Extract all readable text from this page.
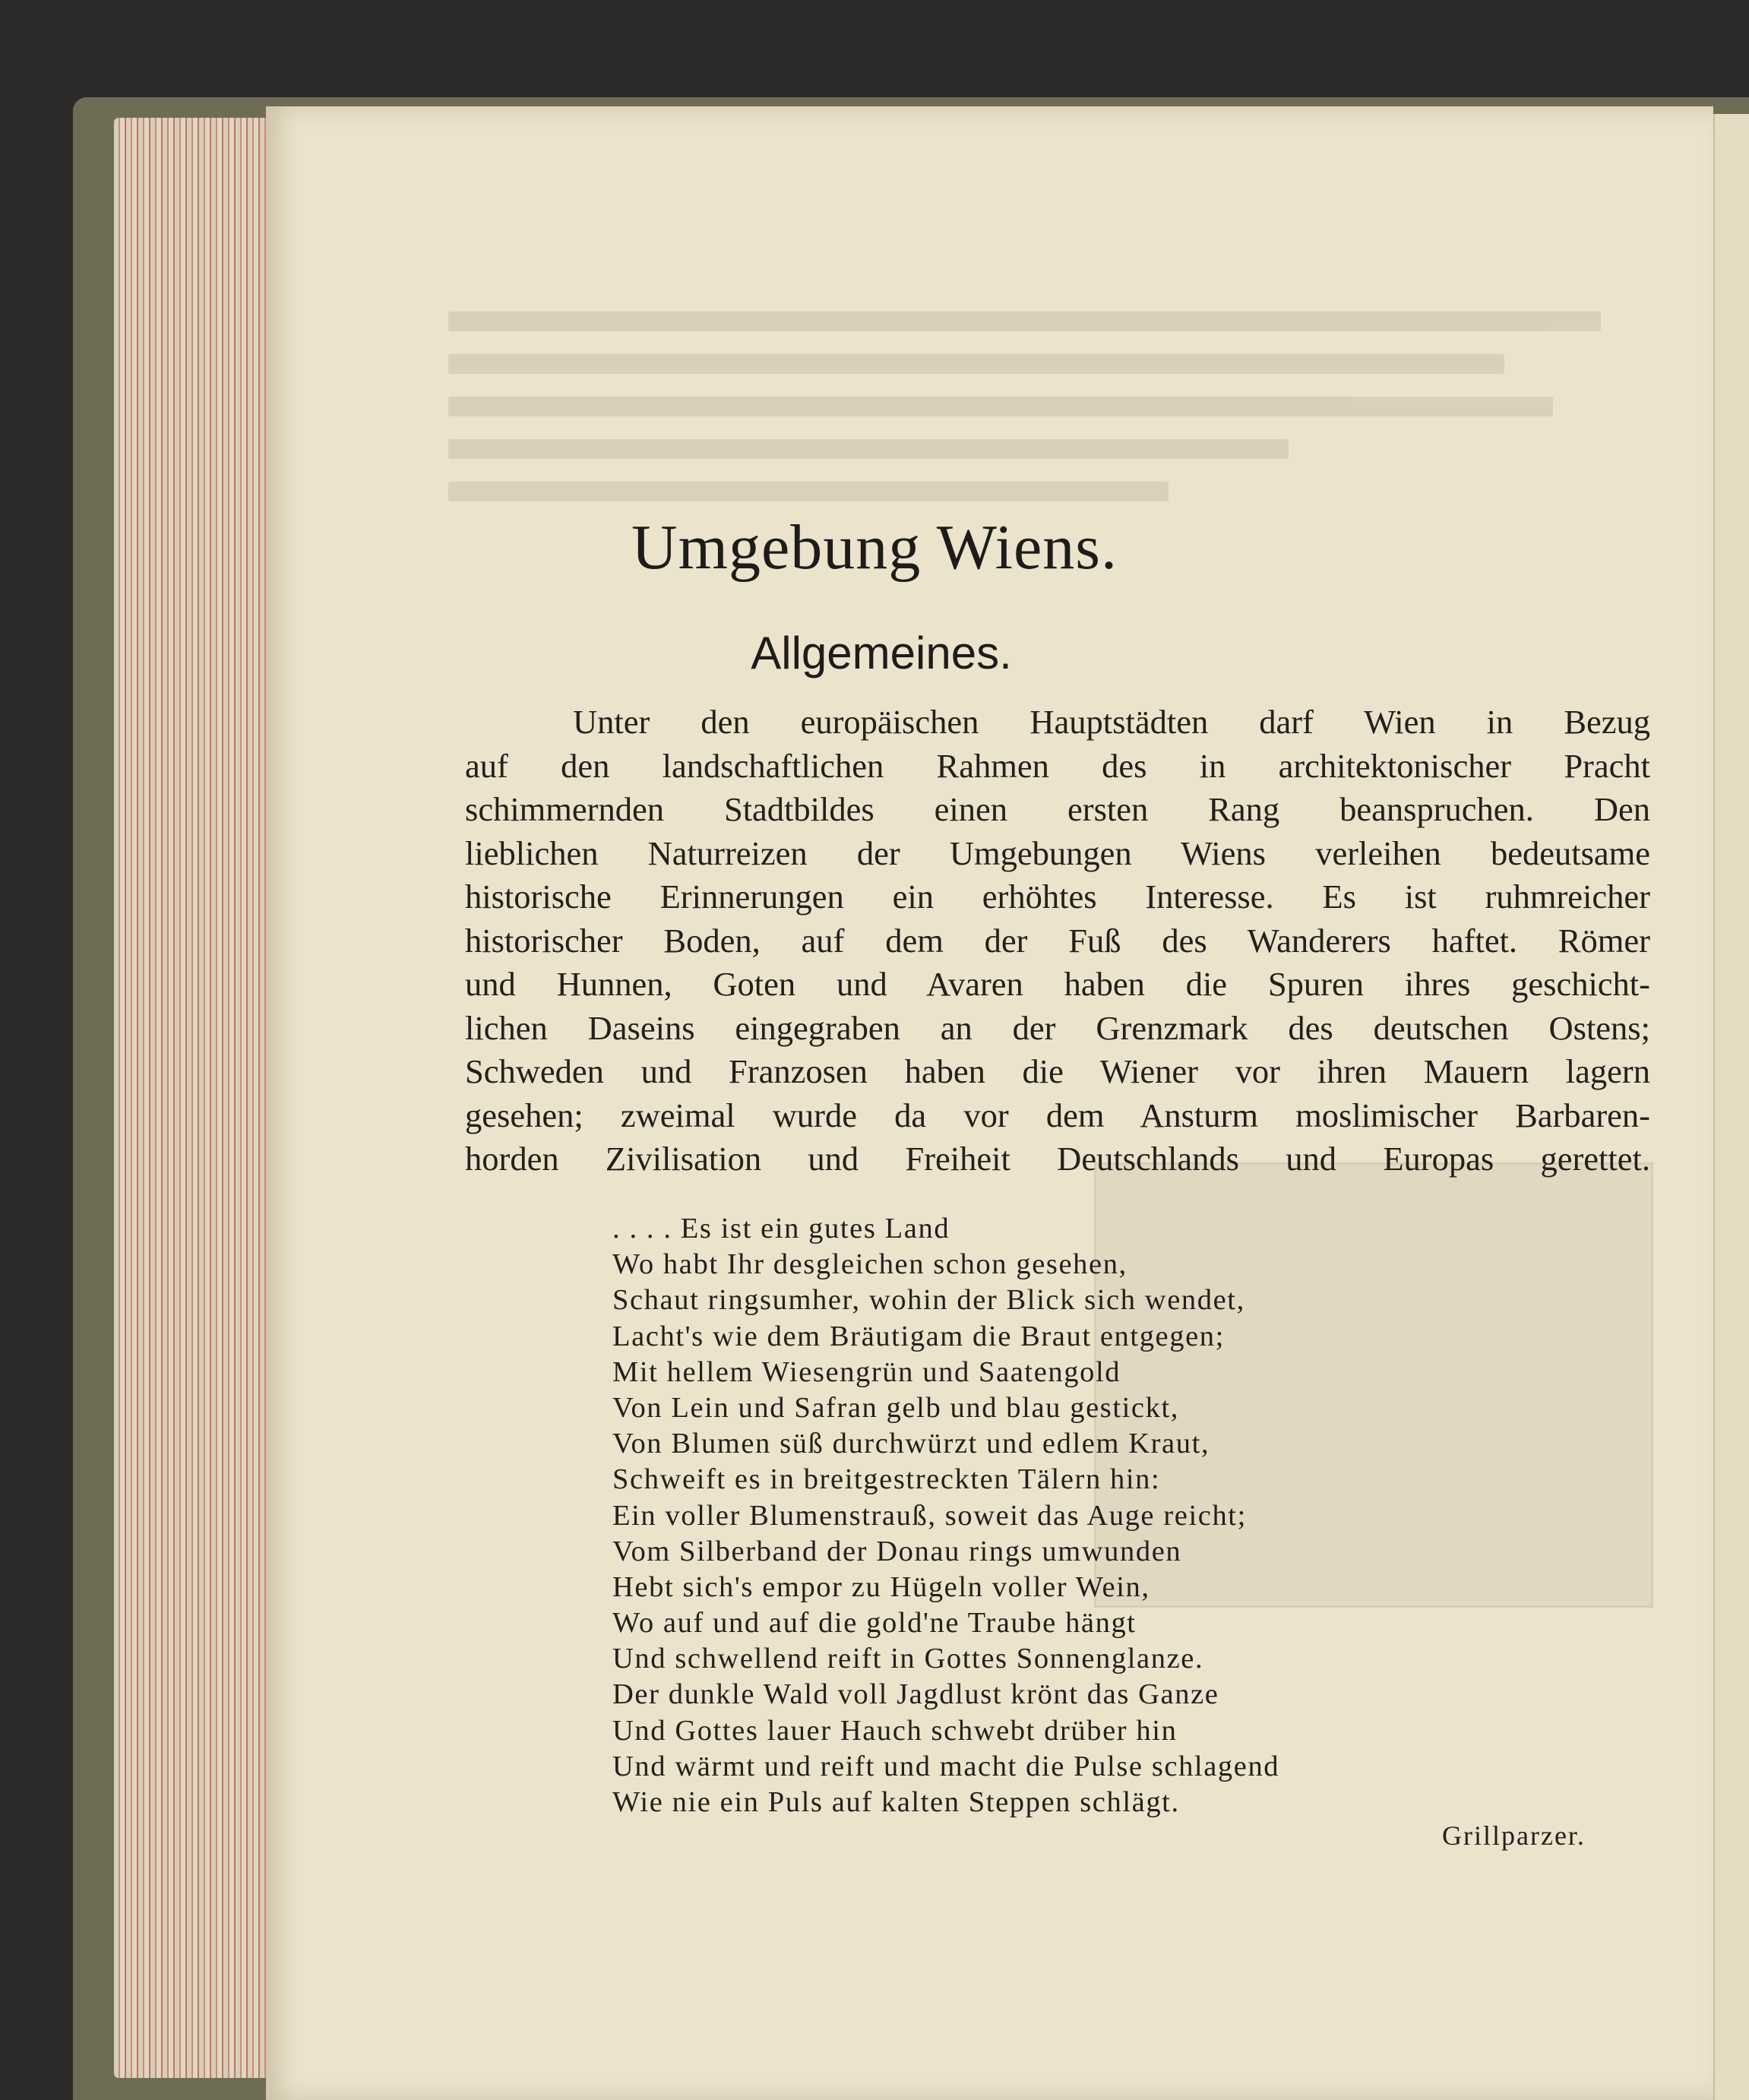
Umgebung Wiens.
Allgemeines.
Unter den europäischen Hauptstädten darf Wien in Bezug
auf den landschaftlichen Rahmen des in architektonischer Pracht
schimmernden Stadtbildes einen ersten Rang beanspruchen. Den
lieblichen Naturreizen der Umgebungen Wiens verleihen bedeutsame
historische Erinnerungen ein erhöhtes Interesse. Es ist ruhmreicher
historischer Boden, auf dem der Fuß des Wanderers haftet. Römer
und Hunnen, Goten und Avaren haben die Spuren ihres geschicht-
lichen Daseins eingegraben an der Grenzmark des deutschen Ostens;
Schweden und Franzosen haben die Wiener vor ihren Mauern lagern
gesehen; zweimal wurde da vor dem Ansturm moslimischer Barbaren-
horden Zivilisation und Freiheit Deutschlands und Europas gerettet.
. . . . Es ist ein gutes Land
Wo habt Ihr desgleichen schon gesehen,
Schaut ringsumher, wohin der Blick sich wendet,
Lacht's wie dem Bräutigam die Braut entgegen;
Mit hellem Wiesengrün und Saatengold
Von Lein und Safran gelb und blau gestickt,
Von Blumen süß durchwürzt und edlem Kraut,
Schweift es in breitgestreckten Tälern hin:
Ein voller Blumenstrauß, soweit das Auge reicht;
Vom Silberband der Donau rings umwunden
Hebt sich's empor zu Hügeln voller Wein,
Wo auf und auf die gold'ne Traube hängt
Und schwellend reift in Gottes Sonnenglanze.
Der dunkle Wald voll Jagdlust krönt das Ganze
Und Gottes lauer Hauch schwebt drüber hin
Und wärmt und reift und macht die Pulse schlagend
Wie nie ein Puls auf kalten Steppen schlägt.
Grillparzer.
